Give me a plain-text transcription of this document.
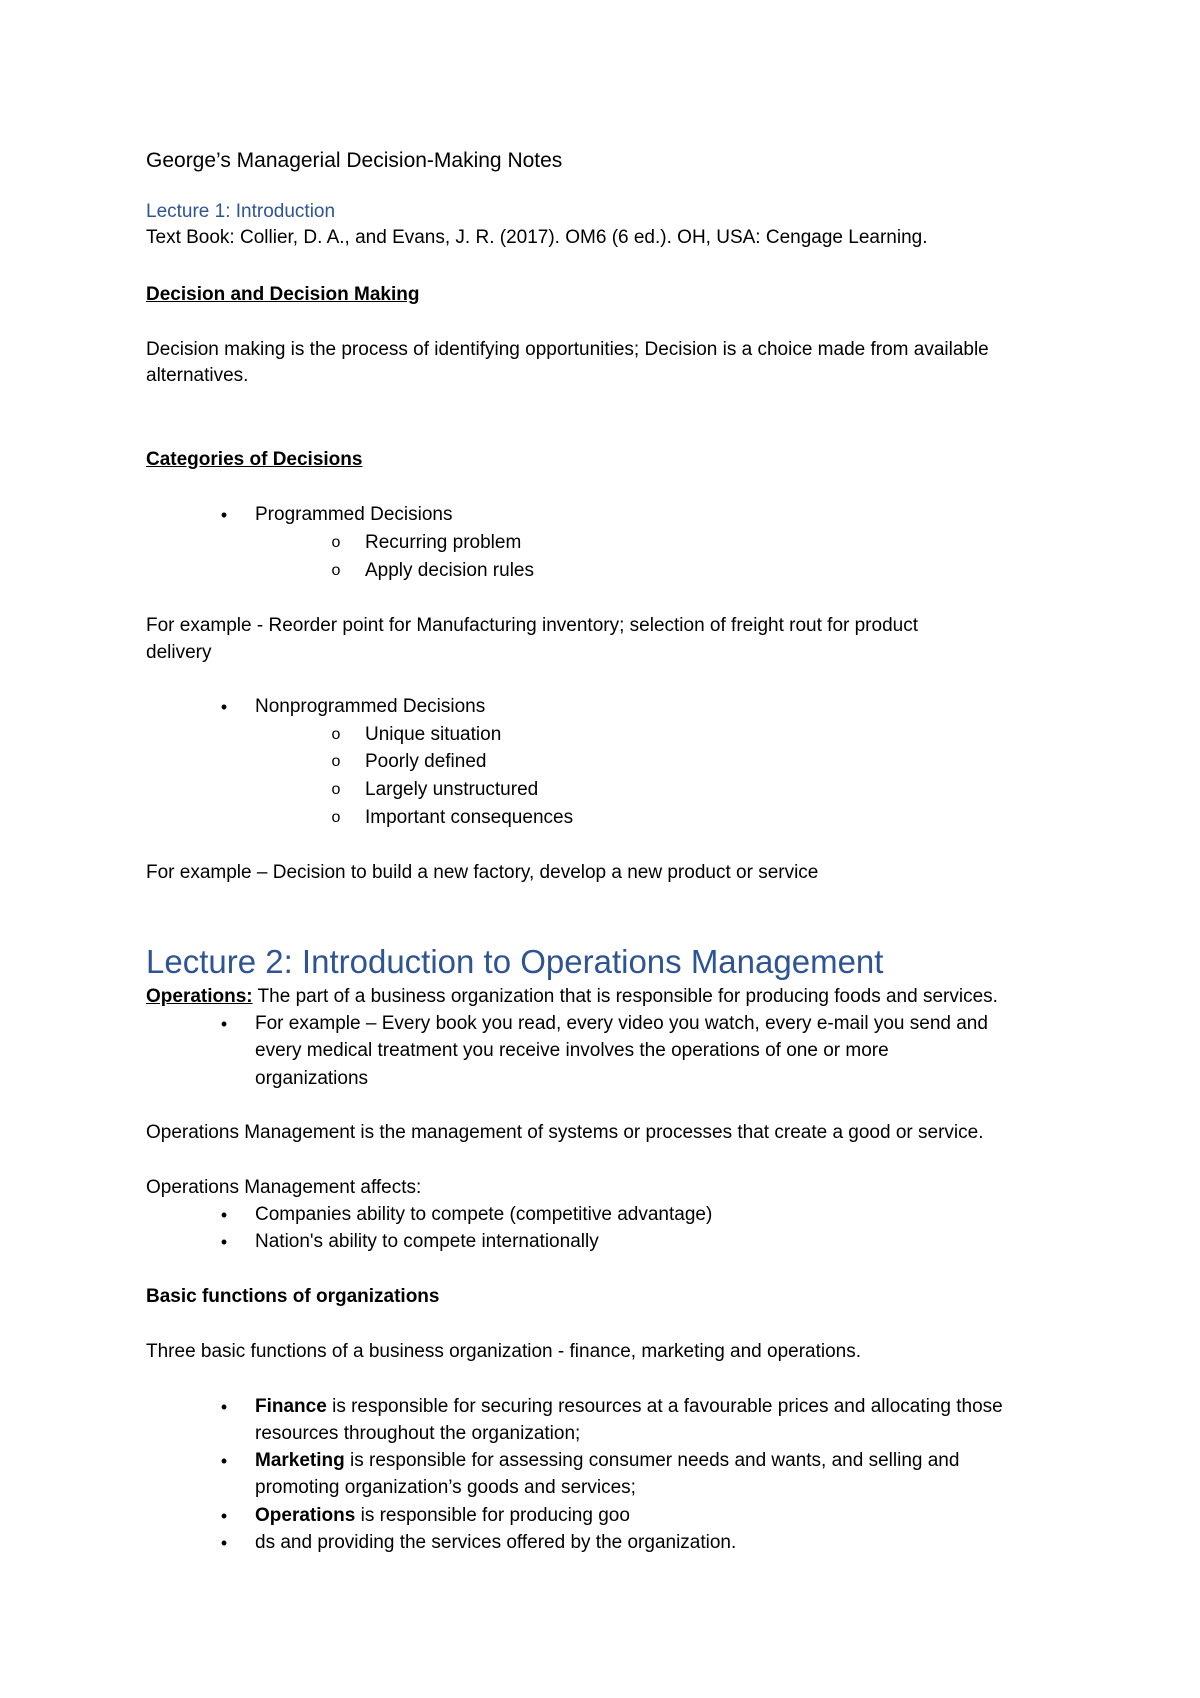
George’s Managerial Decision-Making Notes
Lecture 1: Introduction
Text Book: Collier, D. A., and Evans, J. R. (2017). OM6 (6 ed.). OH, USA: Cengage Learning.
Decision and Decision Making
Decision making is the process of identifying opportunities; Decision is a choice made from available
alternatives.
Categories of Decisions
• Programmed Decisions
o Recurring problem
o Apply decision rules
For example - Reorder point for Manufacturing inventory; selection of freight rout for product
delivery
• Nonprogrammed Decisions
o Unique situation
o Poorly defined
o Largely unstructured
o Important consequences
For example – Decision to build a new factory, develop a new product or service
Lecture 2: Introduction to Operations Management
Operations: The part of a business organization that is responsible for producing foods and services.
• For example – Every book you read, every video you watch, every e-mail you send and
every medical treatment you receive involves the operations of one or more
organizations
Operations Management is the management of systems or processes that create a good or service.
Operations Management affects:
• Companies ability to compete (competitive advantage)
• Nation's ability to compete internationally
Basic functions of organizations
Three basic functions of a business organization - finance, marketing and operations.
• Finance is responsible for securing resources at a favourable prices and allocating those
resources throughout the organization;
• Marketing is responsible for assessing consumer needs and wants, and selling and
promoting organization’s goods and services;
• Operations is responsible for producing goo
• ds and providing the services offered by the organization.
